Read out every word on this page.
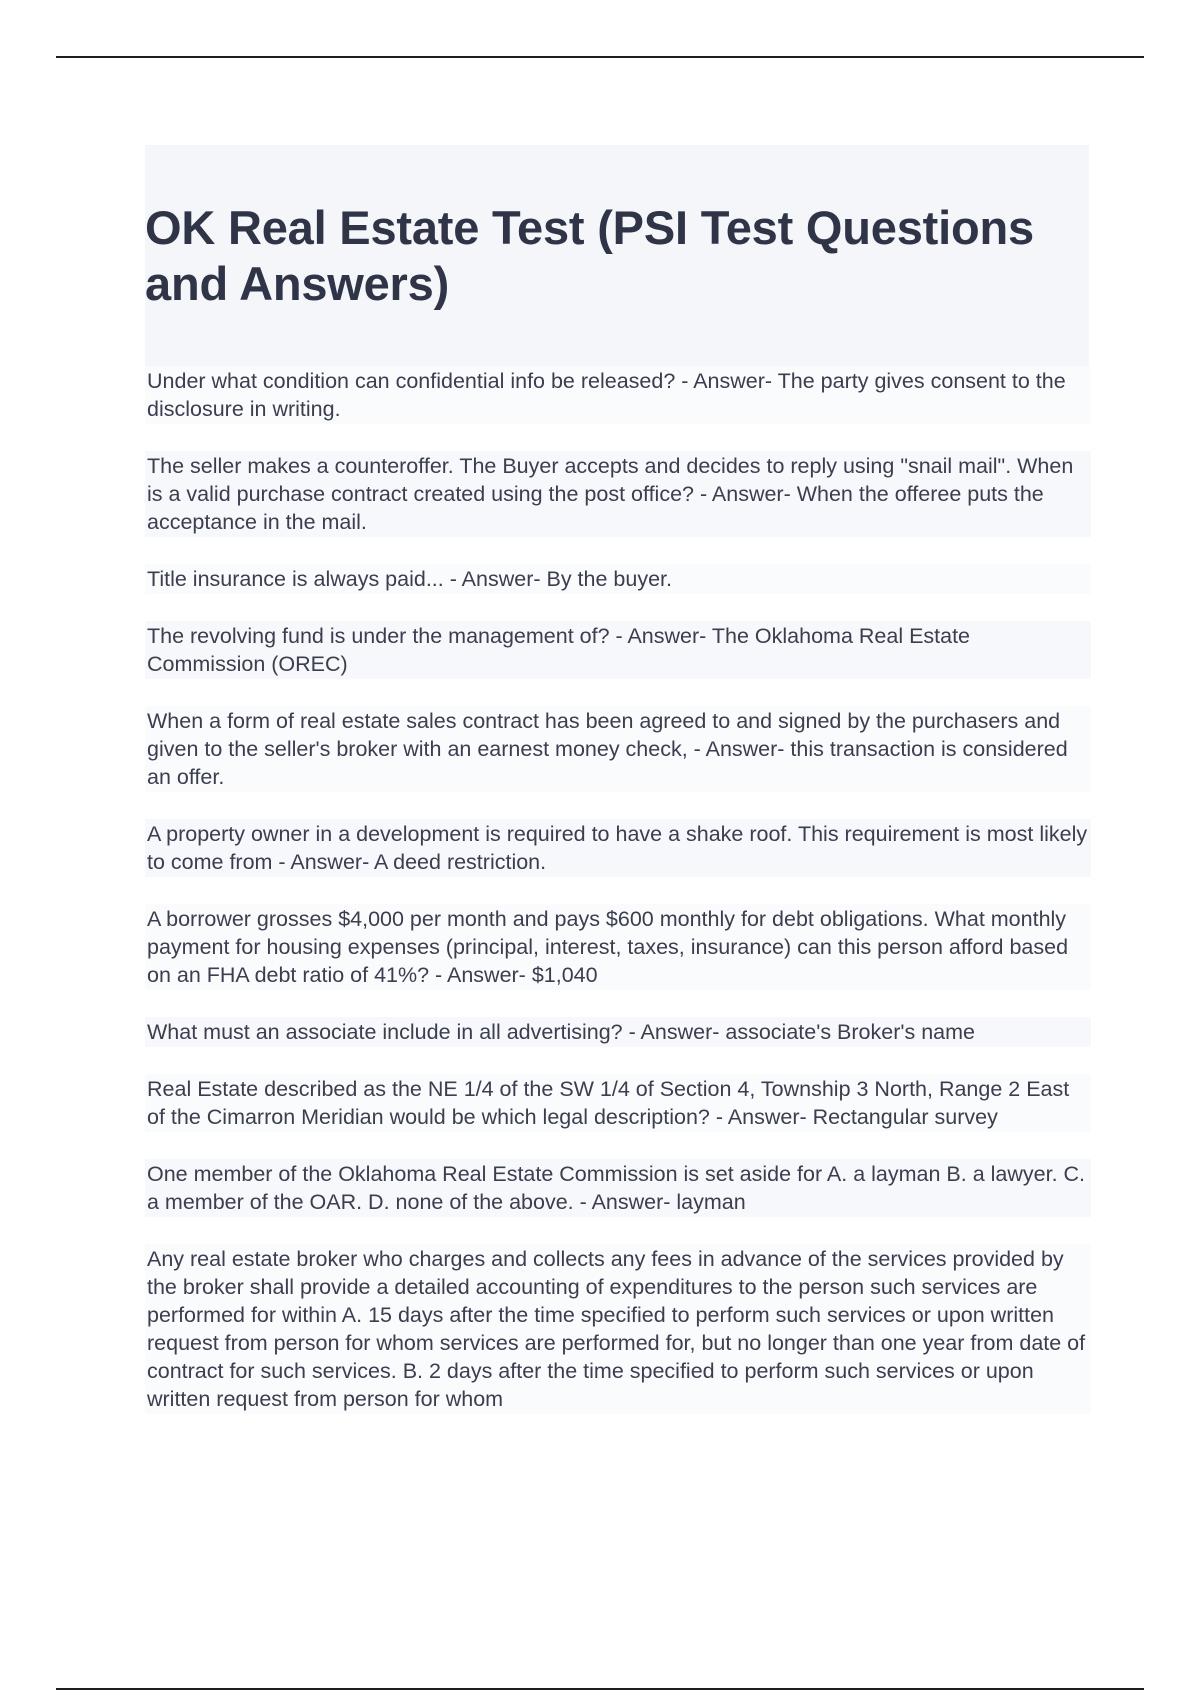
OK Real Estate Test (PSI Test Questions and Answers)
Under what condition can confidential info be released? - Answer- The party gives consent to the disclosure in writing.
The seller makes a counteroffer. The Buyer accepts and decides to reply using "snail mail". When is a valid purchase contract created using the post office? - Answer- When the offeree puts the acceptance in the mail.
Title insurance is always paid... - Answer- By the buyer.
The revolving fund is under the management of? - Answer- The Oklahoma Real Estate Commission (OREC)
When a form of real estate sales contract has been agreed to and signed by the purchasers and given to the seller's broker with an earnest money check, - Answer- this transaction is considered an offer.
A property owner in a development is required to have a shake roof. This requirement is most likely to come from - Answer- A deed restriction.
A borrower grosses $4,000 per month and pays $600 monthly for debt obligations. What monthly payment for housing expenses (principal, interest, taxes, insurance) can this person afford based on an FHA debt ratio of 41%? - Answer- $1,040
What must an associate include in all advertising? - Answer- associate's Broker's name
Real Estate described as the NE 1/4 of the SW 1/4 of Section 4, Township 3 North, Range 2 East of the Cimarron Meridian would be which legal description? - Answer- Rectangular survey
One member of the Oklahoma Real Estate Commission is set aside for A. a layman B. a lawyer. C. a member of the OAR. D. none of the above. - Answer- layman
Any real estate broker who charges and collects any fees in advance of the services provided by the broker shall provide a detailed accounting of expenditures to the person such services are performed for within A. 15 days after the time specified to perform such services or upon written request from person for whom services are performed for, but no longer than one year from date of contract for such services. B. 2 days after the time specified to perform such services or upon written request from person for whom
